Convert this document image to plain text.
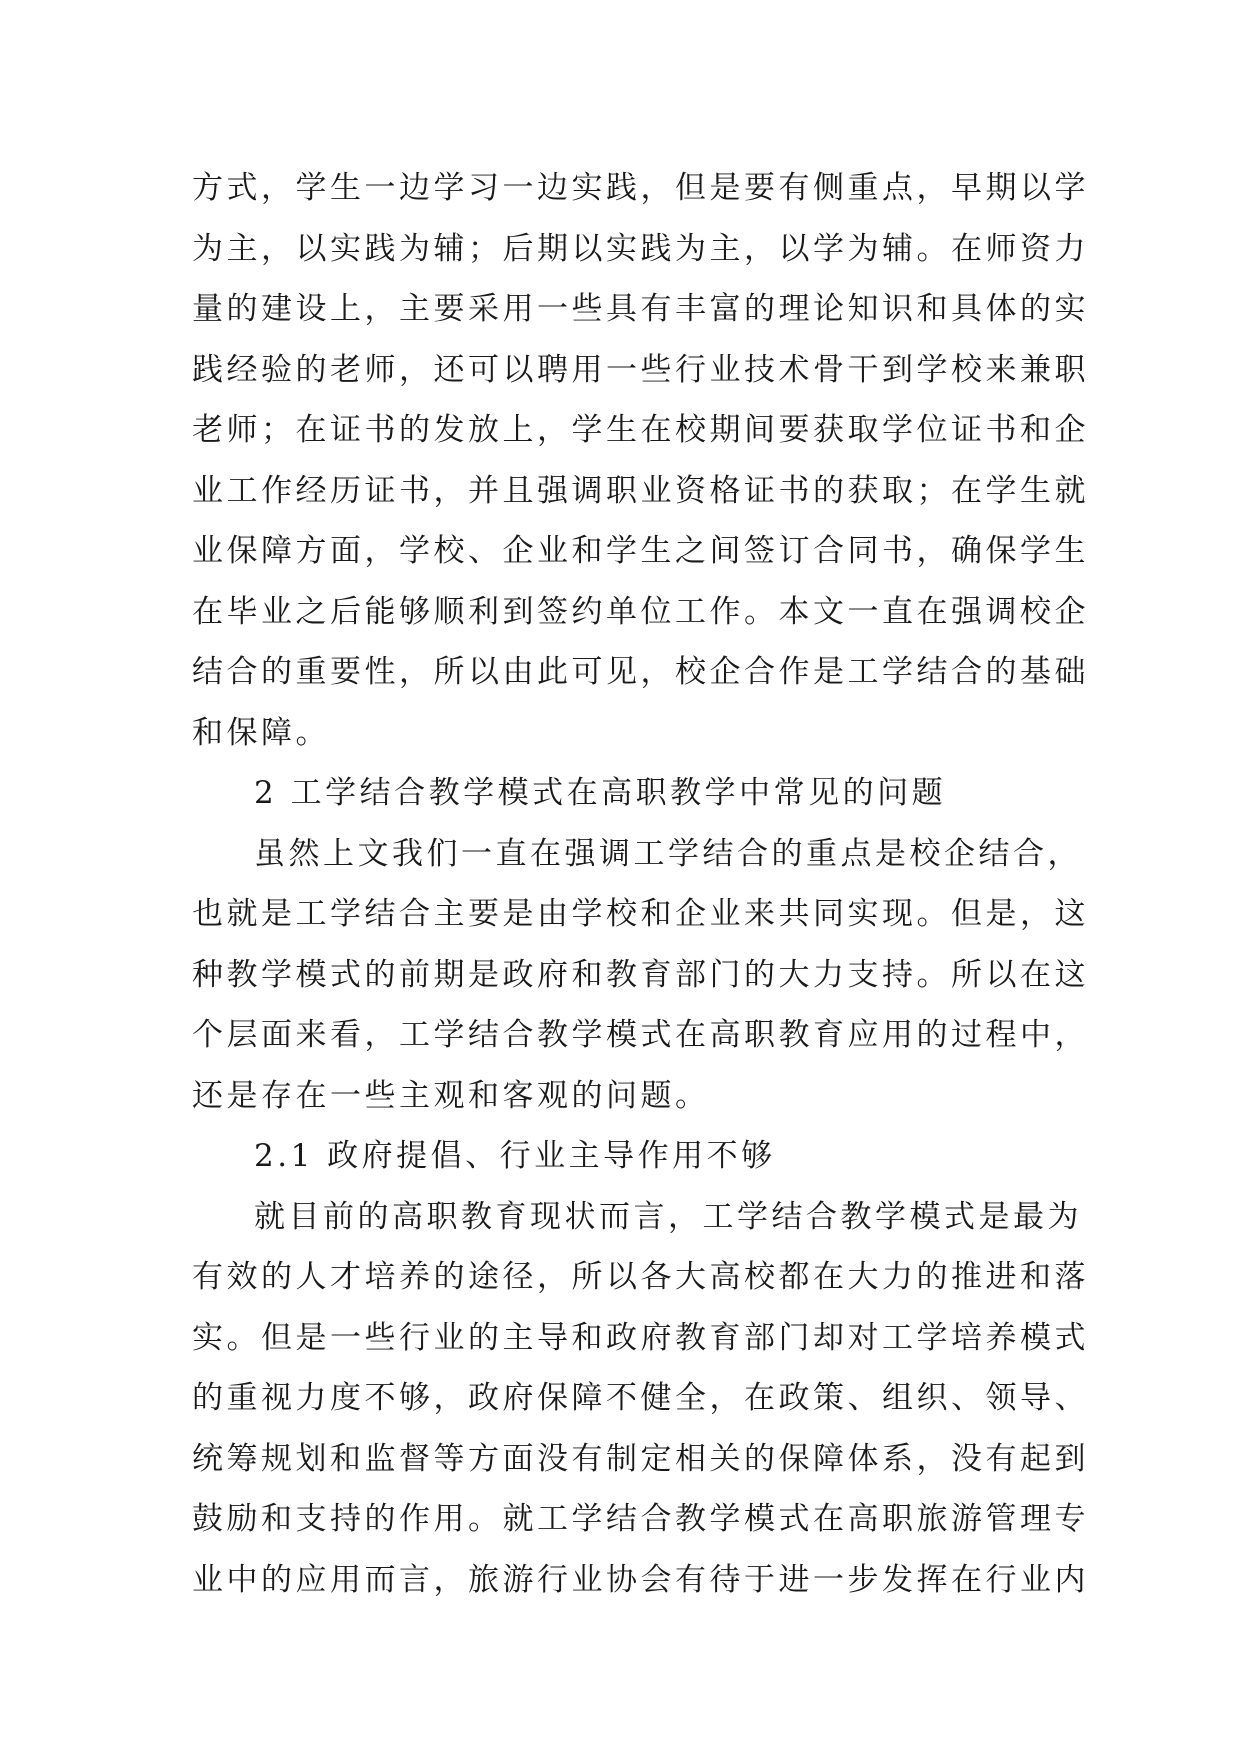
方式，学生一边学习一边实践，但是要有侧重点，早期以学
为主，以实践为辅；后期以实践为主，以学为辅。在师资力
量的建设上，主要采用一些具有丰富的理论知识和具体的实
践经验的老师，还可以聘用一些行业技术骨干到学校来兼职
老师；在证书的发放上，学生在校期间要获取学位证书和企
业工作经历证书，并且强调职业资格证书的获取；在学生就
业保障方面，学校、企业和学生之间签订合同书，确保学生
在毕业之后能够顺利到签约单位工作。本文一直在强调校企
结合的重要性，所以由此可见，校企合作是工学结合的基础
和保障。
2 工学结合教学模式在高职教学中常见的问题
虽然上文我们一直在强调工学结合的重点是校企结合，
也就是工学结合主要是由学校和企业来共同实现。但是，这
种教学模式的前期是政府和教育部门的大力支持。所以在这
个层面来看，工学结合教学模式在高职教育应用的过程中，
还是存在一些主观和客观的问题。
2.1 政府提倡、行业主导作用不够
就目前的高职教育现状而言，工学结合教学模式是最为
有效的人才培养的途径，所以各大高校都在大力的推进和落
实。但是一些行业的主导和政府教育部门却对工学培养模式
的重视力度不够，政府保障不健全，在政策、组织、领导、
统筹规划和监督等方面没有制定相关的保障体系，没有起到
鼓励和支持的作用。就工学结合教学模式在高职旅游管理专
业中的应用而言，旅游行业协会有待于进一步发挥在行业内
